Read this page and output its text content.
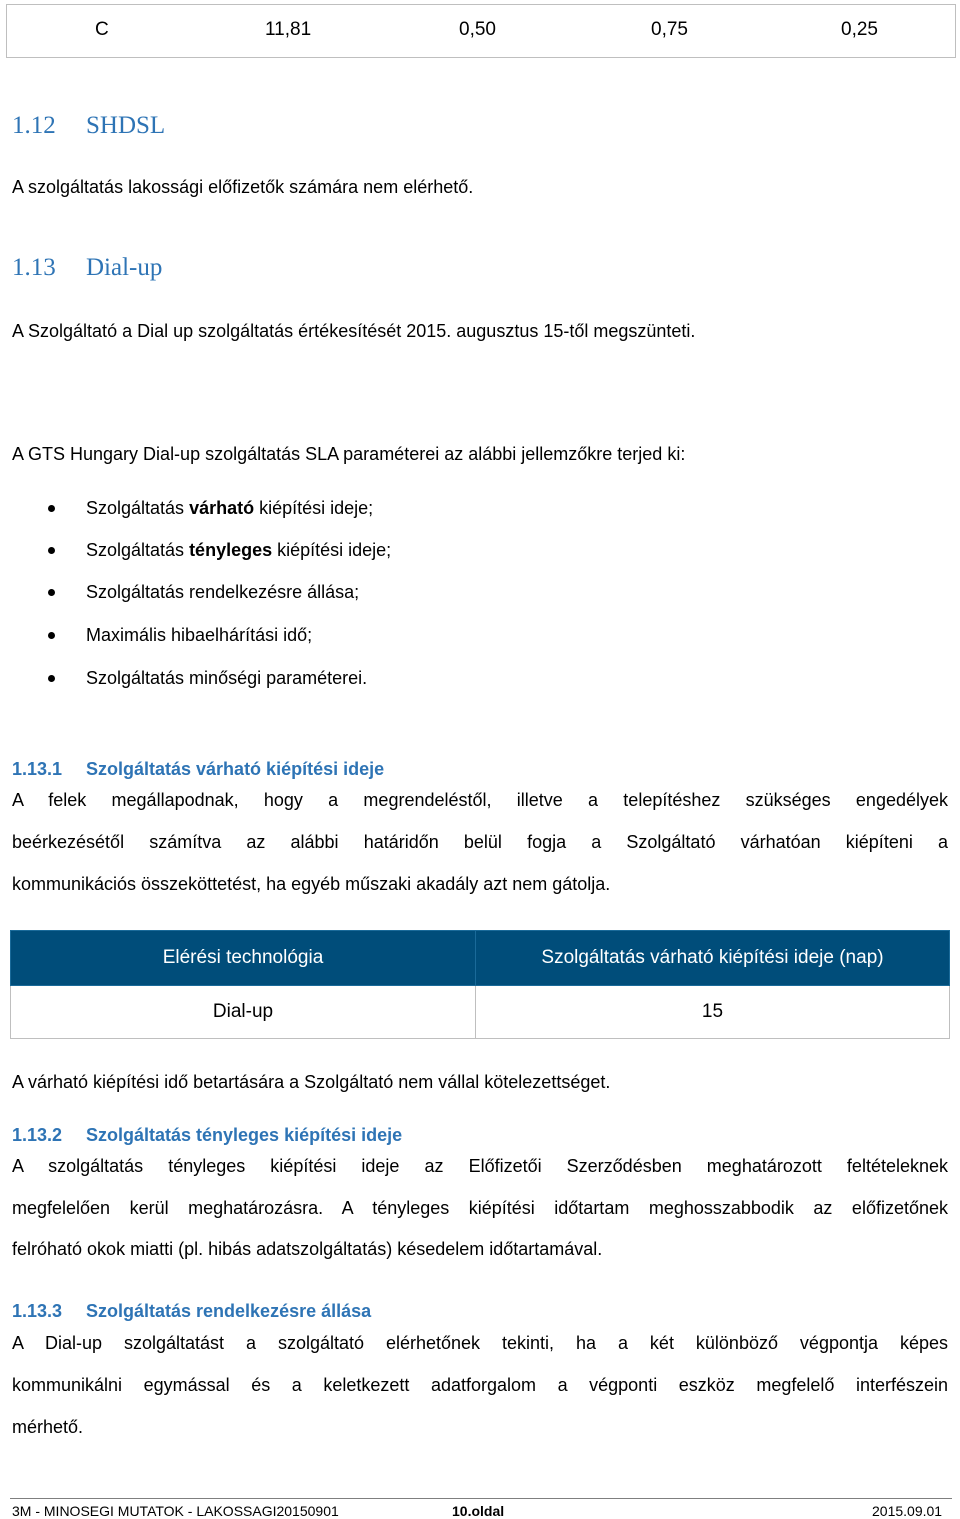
C	11,81	0,50	0,75	0,25
1.12 SHDSL

A szolgáltatás lakossági előfizetők számára nem elérhető.

1.13 Dial-up

A Szolgáltató a Dial up szolgáltatás értékesítését 2015. augusztus 15-től megszünteti.

A GTS Hungary Dial-up szolgáltatás SLA paraméterei az alábbi jellemzőkre terjed ki:

Szolgáltatás várható kiépítési ideje;
Szolgáltatás tényleges kiépítési ideje;
Szolgáltatás rendelkezésre állása;
Maximális hibaelhárítási idő;
Szolgáltatás minőségi paraméterei.
1.13.1 Szolgáltatás várható kiépítési ideje
A felek megállapodnak, hogy a megrendeléstől, illetve a telepítéshez szükséges engedélyek
beérkezésétől számítva az alábbi határidőn belül fogja a Szolgáltató várhatóan kiépíteni a
kommunikációs összeköttetést, ha egyéb műszaki akadály azt nem gátolja.
Elérési technológia	Szolgáltatás várható kiépítési ideje (nap)
Dial-up	15

A várható kiépítési idő betartására a Szolgáltató nem vállal kötelezettséget.

1.13.2 Szolgáltatás tényleges kiépítési ideje
A szolgáltatás tényleges kiépítési ideje az Előfizetői Szerződésben meghatározott feltételeknek
megfelelően kerül meghatározásra. A tényleges kiépítési időtartam meghosszabbodik az előfizetőnek
felróható okok miatti (pl. hibás adatszolgáltatás) késedelem időtartamával.
1.13.3 Szolgáltatás rendelkezésre állása
A Dial-up szolgáltatást a szolgáltató elérhetőnek tekinti, ha a két különböző végpontja képes
kommunikálni egymással és a keletkezett adatforgalom a végponti eszköz megfelelő interfészein
mérhető.
3M - MINOSEGI MUTATOK - LAKOSSAGI20150901	10.oldal	2015.09.01
